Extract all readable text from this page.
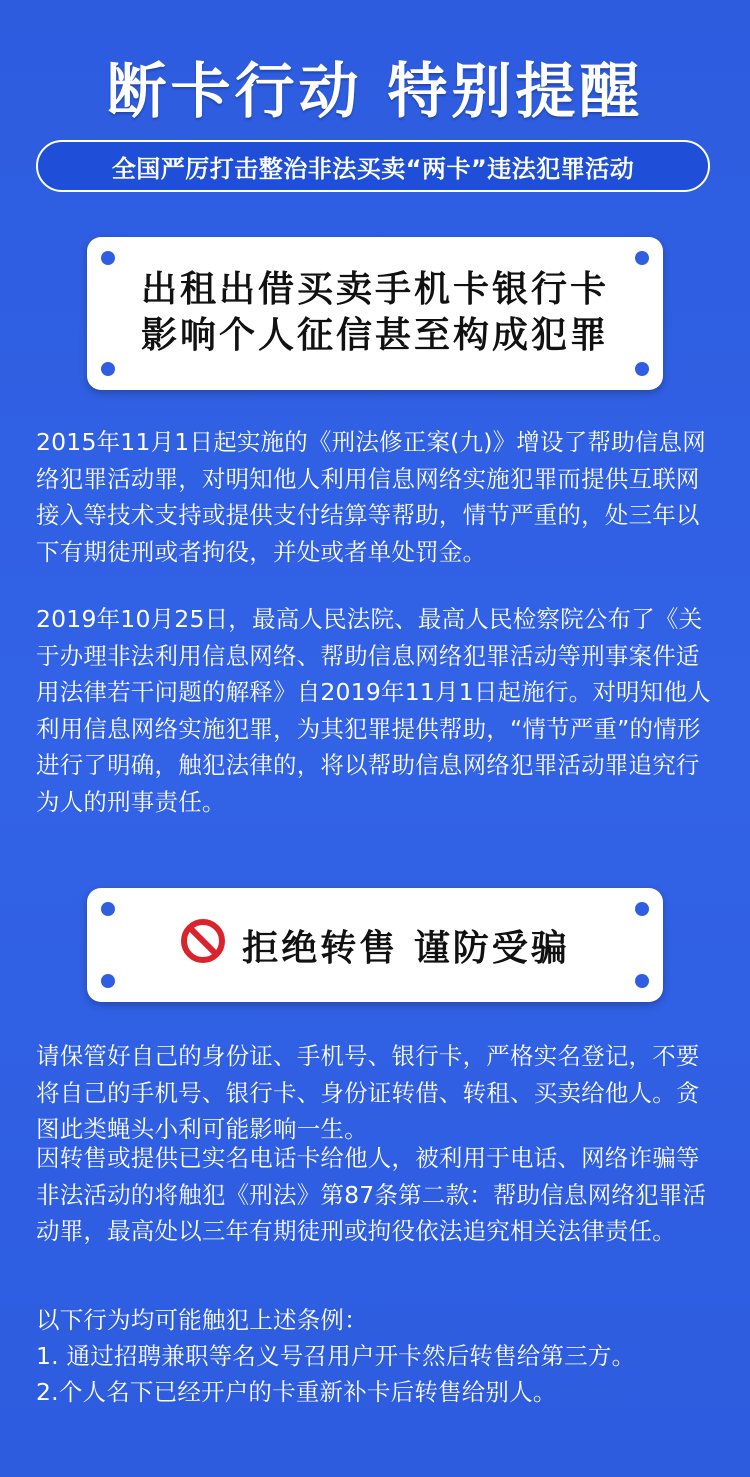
断卡行动 特别提醒
全国严厉打击整治非法买卖“两卡”违法犯罪活动
出租出借买卖手机卡银行卡
影响个人征信甚至构成犯罪

2015年11月1日起实施的《刑法修正案(九)》增设了帮助信息网络犯罪活动罪，对明知他人利用信息网络实施犯罪而提供互联网接入等技术支持或提供支付结算等帮助，情节严重的，处三年以下有期徒刑或者拘役，并处或者单处罚金。

2019年10月25日，最高人民法院、最高人民检察院公布了《关于办理非法利用信息网络、帮助信息网络犯罪活动等刑事案件适用法律若干问题的解释》自2019年11月1日起施行。对明知他人利用信息网络实施犯罪，为其犯罪提供帮助，“情节严重”的情形进行了明确，触犯法律的，将以帮助信息网络犯罪活动罪追究行为人的刑事责任。

拒绝转售 谨防受骗

请保管好自己的身份证、手机号、银行卡，严格实名登记，不要将自己的手机号、银行卡、身份证转借、转租、买卖给他人。贪图此类蝇头小利可能影响一生。

因转售或提供已实名电话卡给他人，被利用于电话、网络诈骗等非法活动的将触犯《刑法》第87条第二款：帮助信息网络犯罪活动罪，最高处以三年有期徒刑或拘役依法追究相关法律责任。

以下行为均可能触犯上述条例：

1. 通过招聘兼职等名义号召用户开卡然后转售给第三方。

2.个人名下已经开户的卡重新补卡后转售给别人。
